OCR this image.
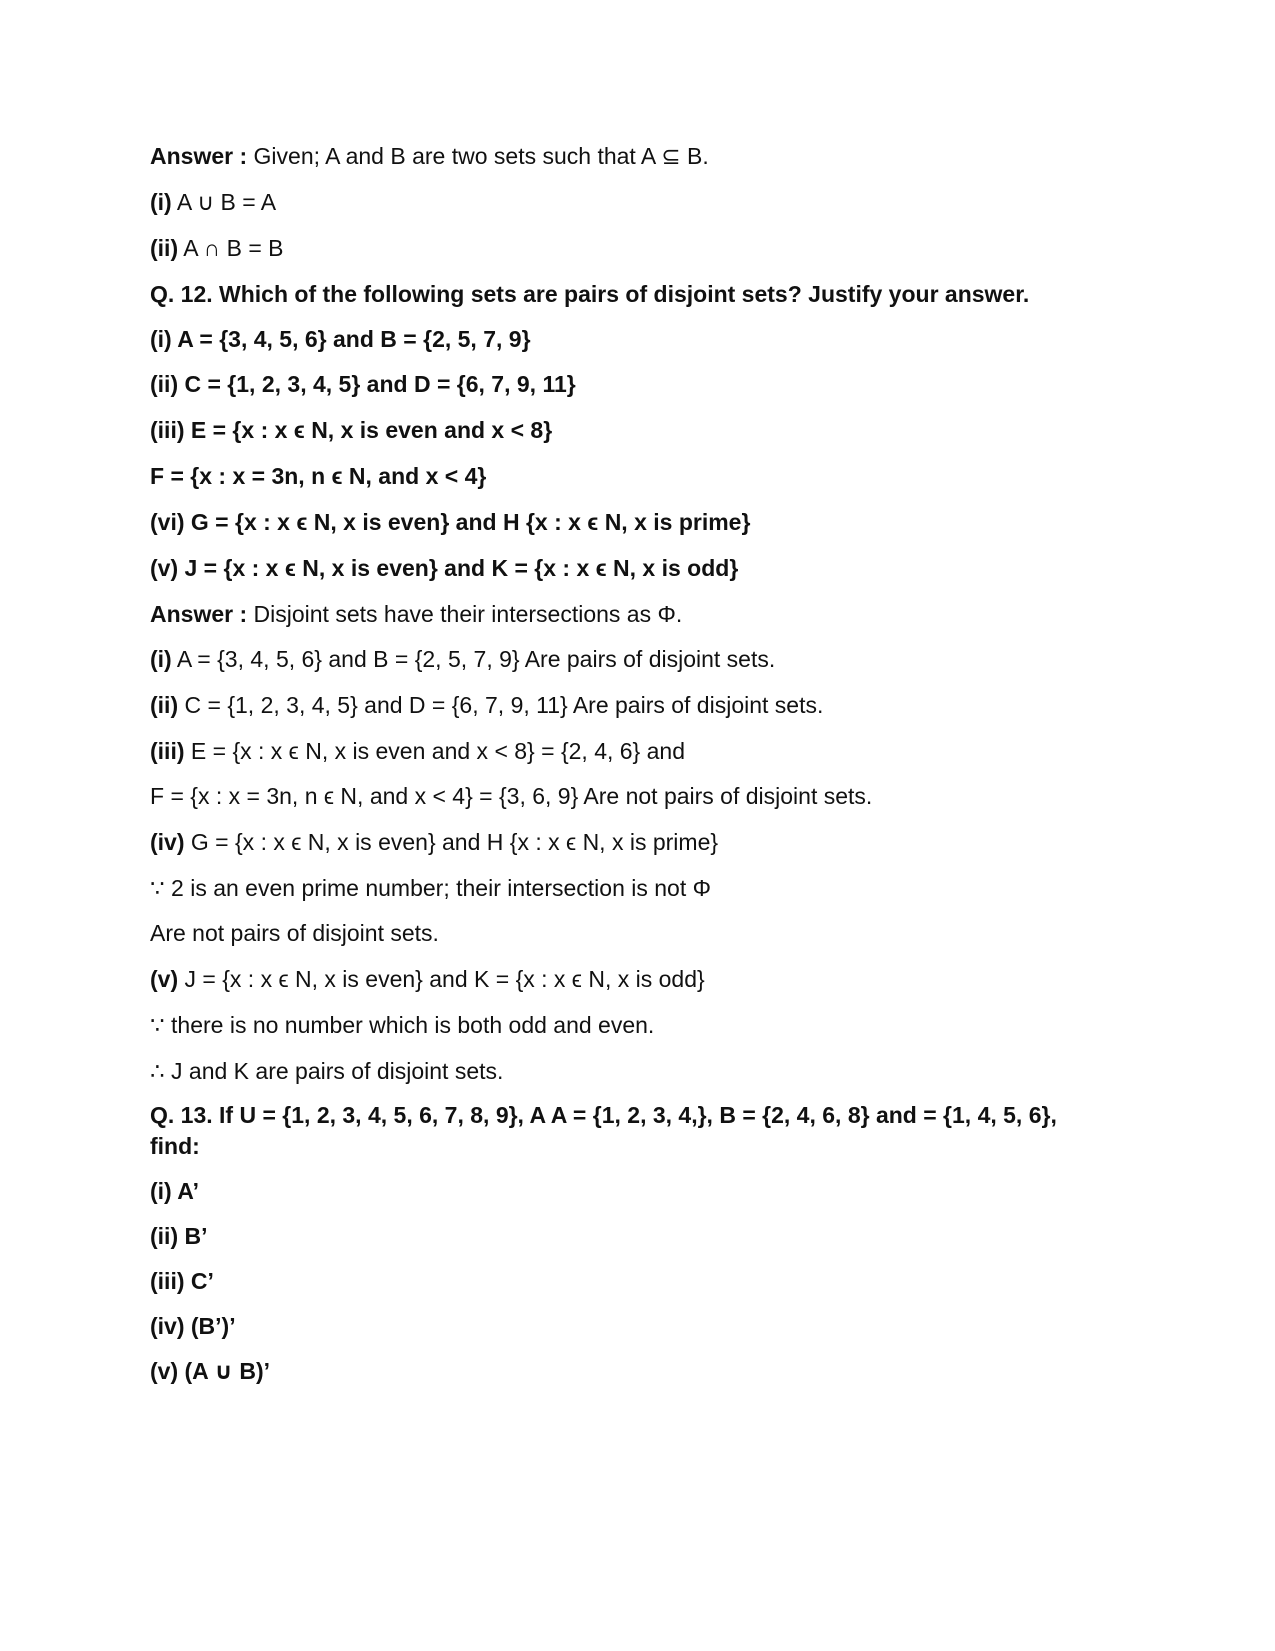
Answer : Given; A and B are two sets such that A ⊆ B.
(i) A ∪ B = A
(ii) A ∩ B = B
Q. 12. Which of the following sets are pairs of disjoint sets? Justify your answer.
(i) A = {3, 4, 5, 6} and B = {2, 5, 7, 9}
(ii) C = {1, 2, 3, 4, 5} and D = {6, 7, 9, 11}
(iii) E = {x : x ϵ N, x is even and x < 8}
F = {x : x = 3n, n ϵ N, and x < 4}
(vi) G = {x : x ϵ N, x is even} and H {x : x ϵ N, x is prime}
(v) J = {x : x ϵ N, x is even} and K = {x : x ϵ N, x is odd}
Answer : Disjoint sets have their intersections as Φ.
(i) A = {3, 4, 5, 6} and B = {2, 5, 7, 9} Are pairs of disjoint sets.
(ii) C = {1, 2, 3, 4, 5} and D = {6, 7, 9, 11} Are pairs of disjoint sets.
(iii) E = {x : x ϵ N, x is even and x < 8} = {2, 4, 6} and
F = {x : x = 3n, n ϵ N, and x < 4} = {3, 6, 9} Are not pairs of disjoint sets.
(iv) G = {x : x ϵ N, x is even} and H {x : x ϵ N, x is prime}
∵ 2 is an even prime number; their intersection is not Φ
Are not pairs of disjoint sets.
(v) J = {x : x ϵ N, x is even} and K = {x : x ϵ N, x is odd}
∵ there is no number which is both odd and even.
∴ J and K are pairs of disjoint sets.
Q. 13. If U = {1, 2, 3, 4, 5, 6, 7, 8, 9}, A A = {1, 2, 3, 4,}, B = {2, 4, 6, 8} and = {1, 4, 5, 6}, find:
(i) A’
(ii) B’
(iii) C’
(iv) (B’)’
(v) (A ∪ B)’
